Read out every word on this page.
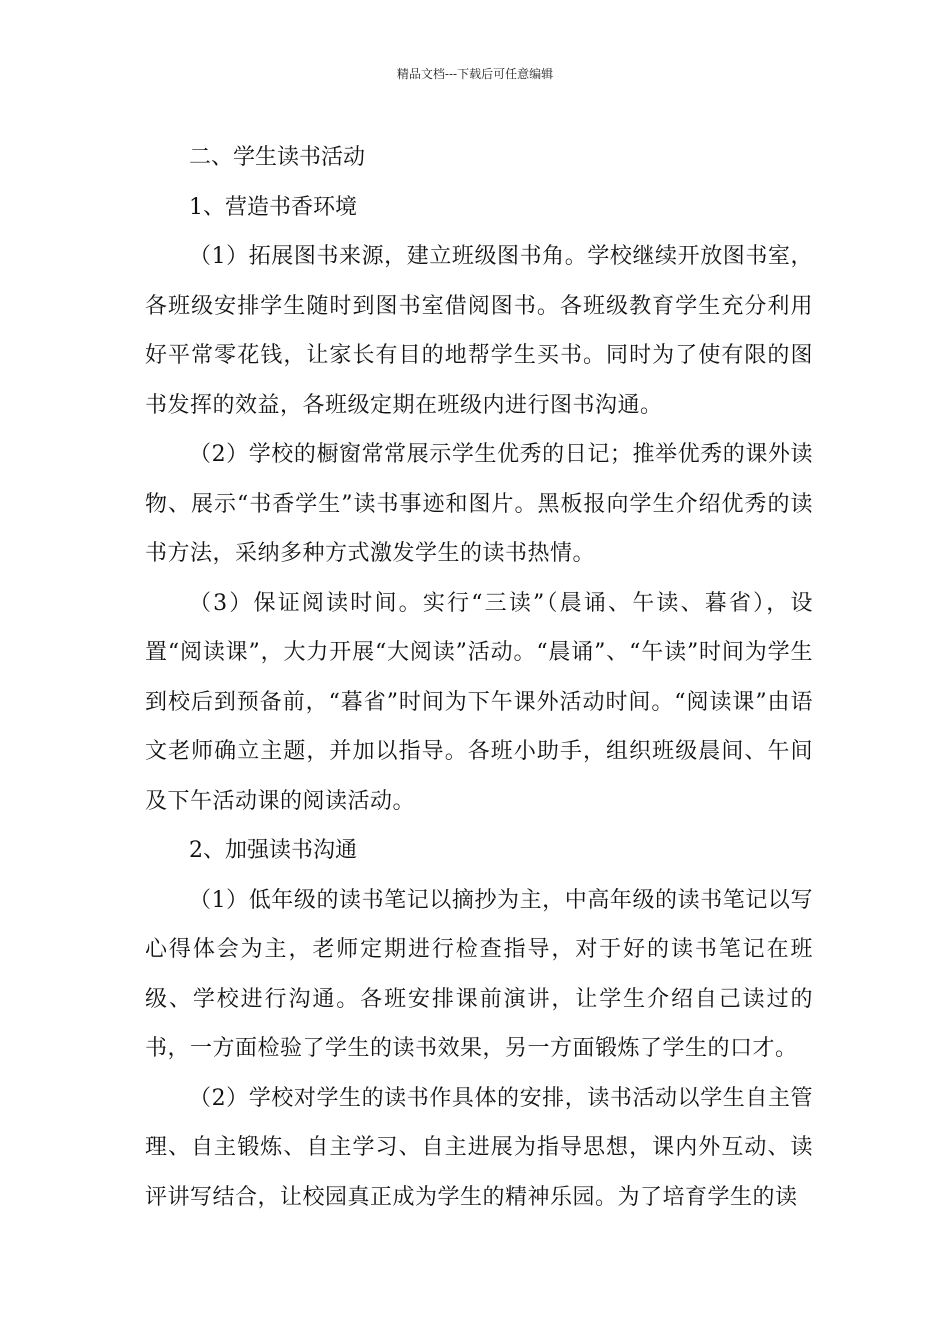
精品文档---下载后可任意编辑

二、学生读书活动

1、营造书香环境

（1）拓展图书来源，建立班级图书角。学校继续开放图书室，各班级安排学生随时到图书室借阅图书。各班级教育学生充分利用好平常零花钱，让家长有目的地帮学生买书。同时为了使有限的图书发挥的效益，各班级定期在班级内进行图书沟通。

（2）学校的橱窗常常展示学生优秀的日记；推举优秀的课外读物、展示“书香学生”读书事迹和图片。黑板报向学生介绍优秀的读书方法，采纳多种方式激发学生的读书热情。

（3）保证阅读时间。实行“三读”（晨诵、午读、暮省），设置“阅读课”，大力开展“大阅读”活动。“晨诵”、“午读”时间为学生到校后到预备前，“暮省”时间为下午课外活动时间。“阅读课”由语文老师确立主题，并加以指导。各班小助手，组织班级晨间、午间及下午活动课的阅读活动。

2、加强读书沟通

（1）低年级的读书笔记以摘抄为主，中高年级的读书笔记以写心得体会为主，老师定期进行检查指导，对于好的读书笔记在班级、学校进行沟通。各班安排课前演讲，让学生介绍自己读过的书，一方面检验了学生的读书效果，另一方面锻炼了学生的口才。

（2）学校对学生的读书作具体的安排，读书活动以学生自主管理、自主锻炼、自主学习、自主进展为指导思想，课内外互动、读评讲写结合，让校园真正成为学生的精神乐园。为了培育学生的读
